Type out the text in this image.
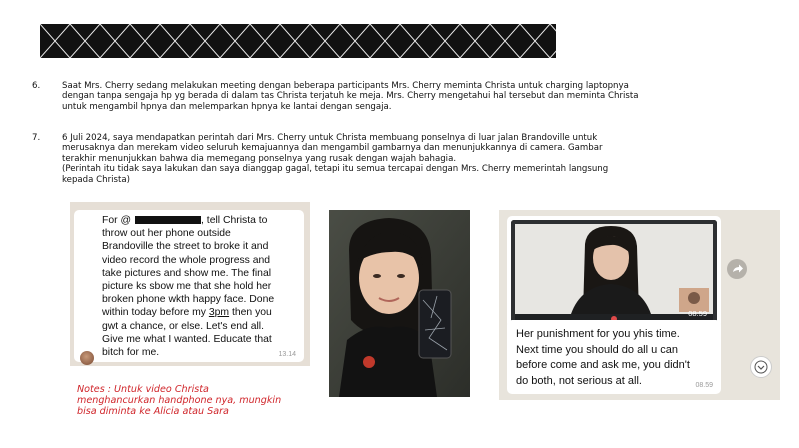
6.	Saat Mrs. Cherry sedang melakukan meeting dengan beberapa participants Mrs. Cherry meminta Christa untuk charging laptopnya
dengan tanpa sengaja hp yg berada di dalam tas Christa terjatuh ke meja. Mrs. Cherry mengetahui hal tersebut dan meminta Christa
untuk mengambil hpnya dan melemparkan hpnya ke lantai dengan sengaja.
7.	6 Juli 2024, saya mendapatkan perintah dari Mrs. Cherry untuk Christa membuang ponselnya di luar jalan Brandoville untuk
merusaknya dan merekam video seluruh kemajuannya dan mengambil gambarnya dan menunjukkannya di camera. Gambar
terakhir menunjukkan bahwa dia memegang ponselnya yang rusak dengan wajah bahagia.
(Perintah itu tidak saya lakukan dan saya dianggap gagal, tetapi itu semua tercapai dengan Mrs. Cherry memerintah langsung
kepada Christa)
For @	, tell Christa to
throw out her phone outside
Brandoville the street to broke it and
video record the whole progress and
take pictures and show me. The final
picture ks sbow me that she hold her
broken phone wkth happy face. Done
within today before my 3pm then you
gwt a chance, or else. Let's end all.
Give me what I wanted. Educate that
bitch for me.	13.14
08.59
Her punishment for you yhis time.
Next time you should do all u can
before come and ask me, you didn't
do both, not serious at all.	08.59
Notes : Untuk video Christa
menghancurkan handphone nya, mungkin
bisa diminta ke Alicia atau Sara
